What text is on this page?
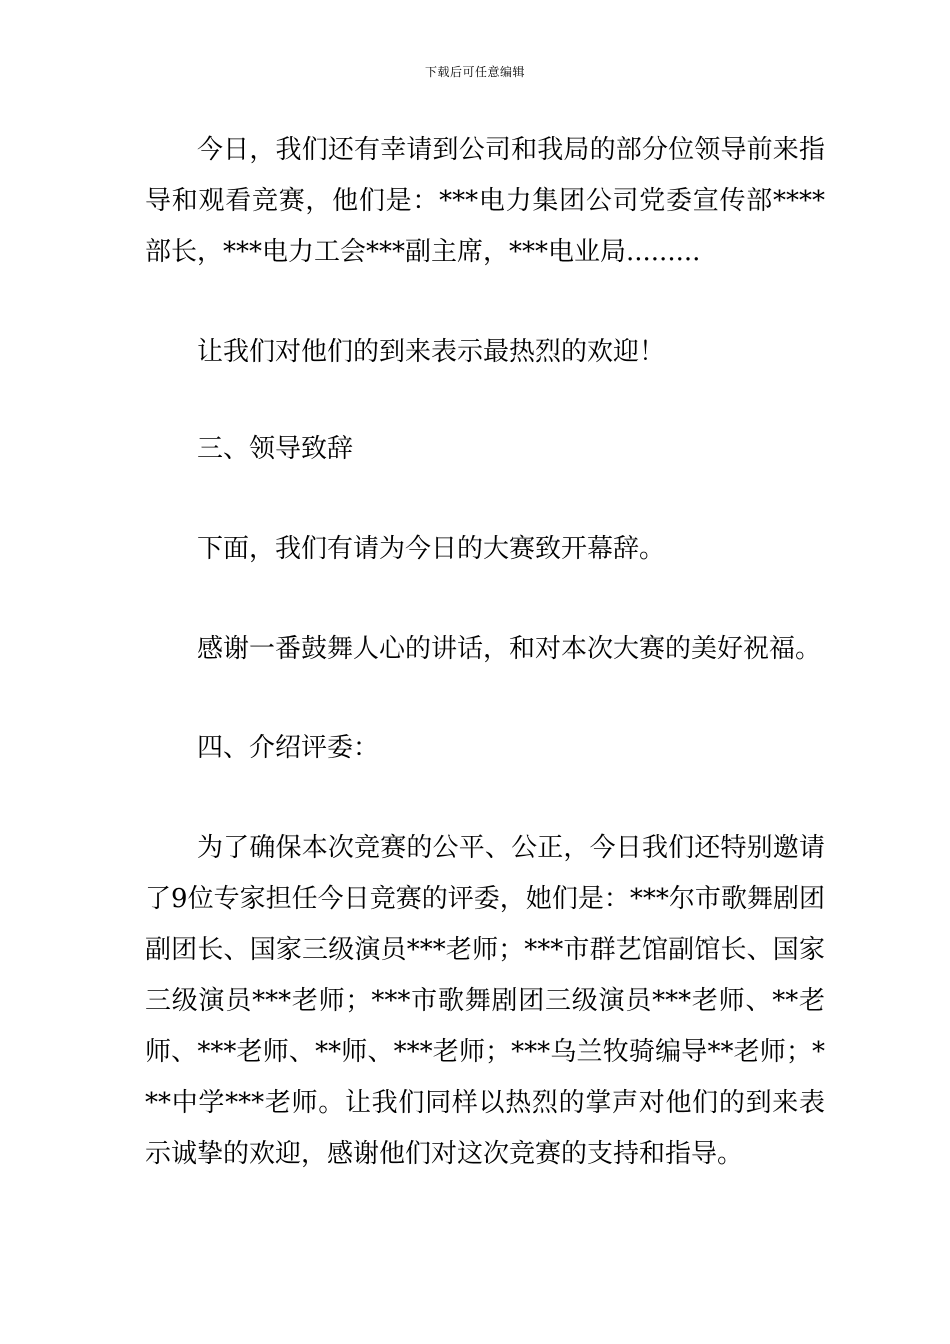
下载后可任意编辑

今日，我们还有幸请到公司和我局的部分位领导前来指导和观看竞赛，他们是：***电力集团公司党委宣传部****部长，***电力工会***副主席，***电业局.........

让我们对他们的到来表示最热烈的欢迎！

三、领导致辞

下面，我们有请为今日的大赛致开幕辞。

感谢一番鼓舞人心的讲话，和对本次大赛的美好祝福。

四、介绍评委：

为了确保本次竞赛的公平、公正，今日我们还特别邀请了9位专家担任今日竞赛的评委，她们是：***尔市歌舞剧团副团长、国家三级演员***老师；***市群艺馆副馆长、国家三级演员***老师；***市歌舞剧团三级演员***老师、**老师、***老师、**师、***老师；***乌兰牧骑编导**老师；***中学***老师。让我们同样以热烈的掌声对他们的到来表示诚挚的欢迎，感谢他们对这次竞赛的支持和指导。
